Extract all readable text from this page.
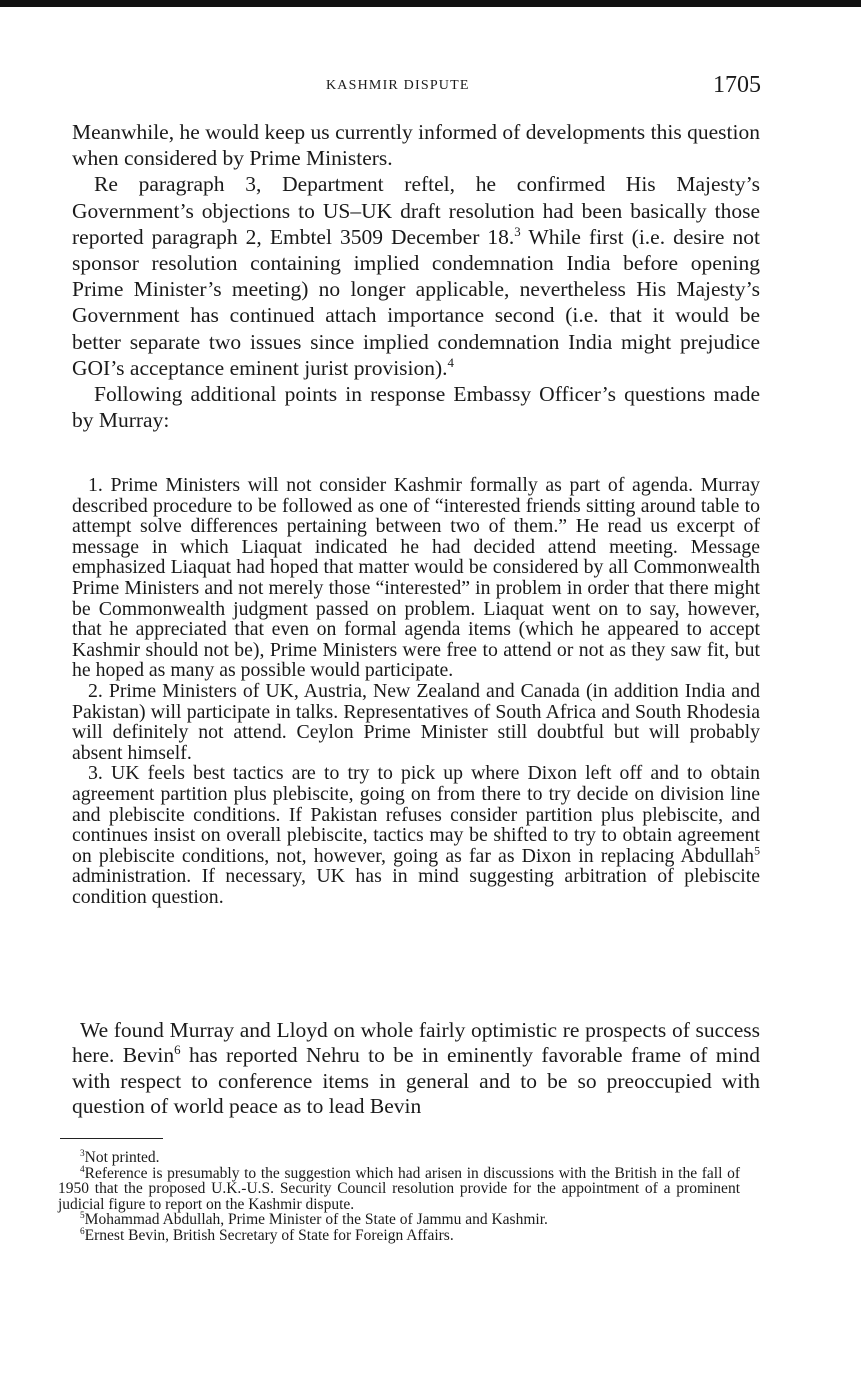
KASHMIR DISPUTE	1705

Meanwhile, he would keep us currently informed of developments this question when considered by Prime Ministers.

Re paragraph 3, Department reftel, he confirmed His Majesty’s Government’s objections to US–UK draft resolution had been basically those reported paragraph 2, Embtel 3509 December 18.$^3$ While first (i.e. desire not sponsor resolution containing implied condemnation India before opening Prime Minister’s meeting) no longer applicable, nevertheless His Majesty’s Government has continued attach importance second (i.e. that it would be better separate two issues since implied condemnation India might prejudice GOI’s acceptance eminent jurist provision).$^4$

Following additional points in response Embassy Officer’s questions made by Murray:

1. Prime Ministers will not consider Kashmir formally as part of agenda. Murray described procedure to be followed as one of “interested friends sitting around table to attempt solve differences pertaining between two of them.” He read us excerpt of message in which Liaquat indicated he had decided attend meeting. Message emphasized Liaquat had hoped that matter would be considered by all Commonwealth Prime Ministers and not merely those “interested” in problem in order that there might be Commonwealth judgment passed on problem. Liaquat went on to say, however, that he appreciated that even on formal agenda items (which he appeared to accept Kashmir should not be), Prime Ministers were free to attend or not as they saw fit, but he hoped as many as possible would participate.

2. Prime Ministers of UK, Austria, New Zealand and Canada (in addition India and Pakistan) will participate in talks. Representatives of South Africa and South Rhodesia will definitely not attend. Ceylon Prime Minister still doubtful but will probably absent himself.

3. UK feels best tactics are to try to pick up where Dixon left off and to obtain agreement partition plus plebiscite, going on from there to try decide on division line and plebiscite conditions. If Pakistan refuses consider partition plus plebiscite, and continues insist on overall plebiscite, tactics may be shifted to try to obtain agreement on plebiscite conditions, not, however, going as far as Dixon in replacing Abdullah$^5$ administration. If necessary, UK has in mind suggesting arbitration of plebiscite condition question.

We found Murray and Lloyd on whole fairly optimistic re prospects of success here. Bevin$^6$ has reported Nehru to be in eminently favorable frame of mind with respect to conference items in general and to be so preoccupied with question of world peace as to lead Bevin

$^3$Not printed.

$^4$Reference is presumably to the suggestion which had arisen in discussions with the British in the fall of 1950 that the proposed U.K.-U.S. Security Council resolution provide for the appointment of a prominent judicial figure to report on the Kashmir dispute.

$^5$Mohammad Abdullah, Prime Minister of the State of Jammu and Kashmir.

$^6$Ernest Bevin, British Secretary of State for Foreign Affairs.
